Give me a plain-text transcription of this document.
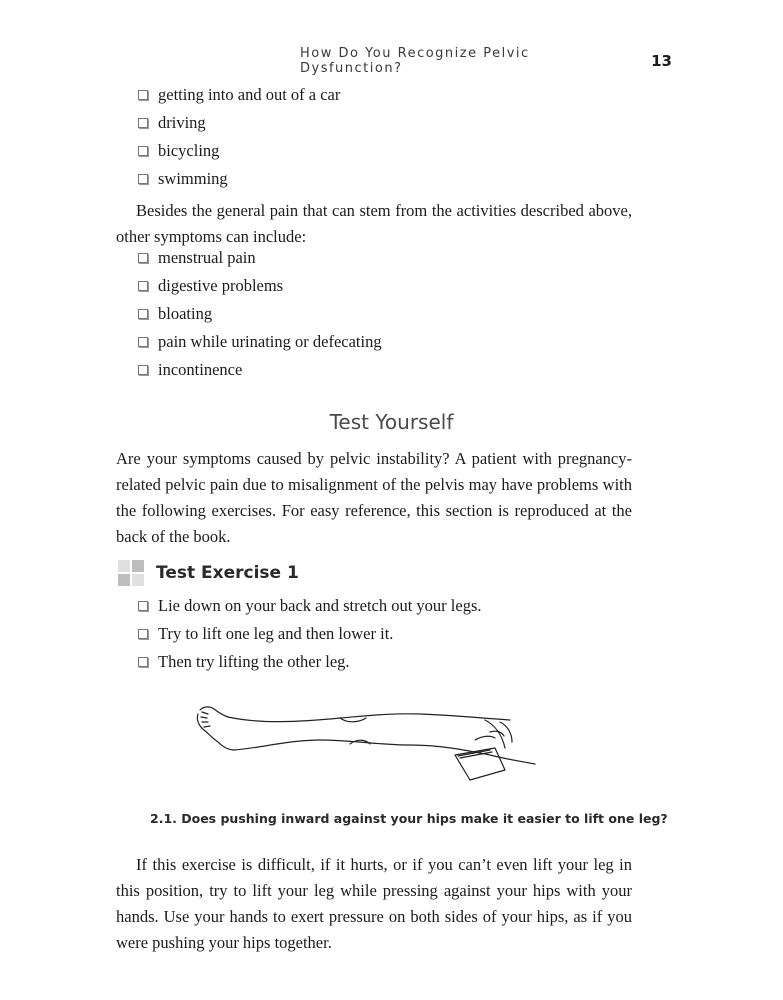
How Do You Recognize Pelvic Dysfunction?	13
getting into and out of a car
driving
bicycling
swimming

Besides the general pain that can stem from the activities described above, other symptoms can include:

menstrual pain
digestive problems
bloating
pain while urinating or defecating
incontinence
Test Yourself

Are your symptoms caused by pelvic instability? A patient with pregnancy-related pelvic pain due to misalignment of the pelvis may have problems with the following exercises. For easy reference, this section is reproduced at the back of the book.

Test Exercise 1
Lie down on your back and stretch out your legs.
Try to lift one leg and then lower it.
Then try lifting the other leg.

2.1. Does pushing inward against your hips make it easier to lift one leg?

If this exercise is difficult, if it hurts, or if you can’t even lift your leg in this position, try to lift your leg while pressing against your hips with your hands. Use your hands to exert pressure on both sides of your hips, as if you were pushing your hips together.
